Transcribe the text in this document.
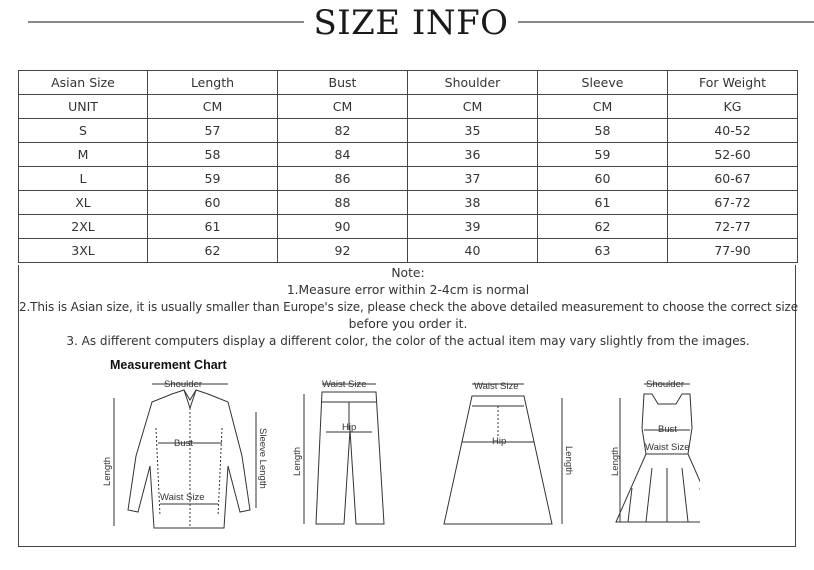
SIZE INFO
Asian Size	Length	Bust	Shoulder	Sleeve	For Weight
UNIT	CM	CM	CM	CM	KG
S	57	82	35	58	40-52
M	58	84	36	59	52-60
L	59	86	37	60	60-67
XL	60	88	38	61	67-72
2XL	61	90	39	62	72-77
3XL	62	92	40	63	77-90
Note:
1.Measure error within 2-4cm is normal
2.This is Asian size, it is usually smaller than Europe's size, please check the above detailed measurement to choose the correct size
before you order it.
3. As different computers display a different color, the color of the actual item may vary slightly from the images.
Measurement Chart
Shoulder
Bust
Waist Size
Length	Sleeve Length
Waist Size
Hip
Length
Waist Size
Hip
Length
Shoulder
Bust
Waist Size
Length
